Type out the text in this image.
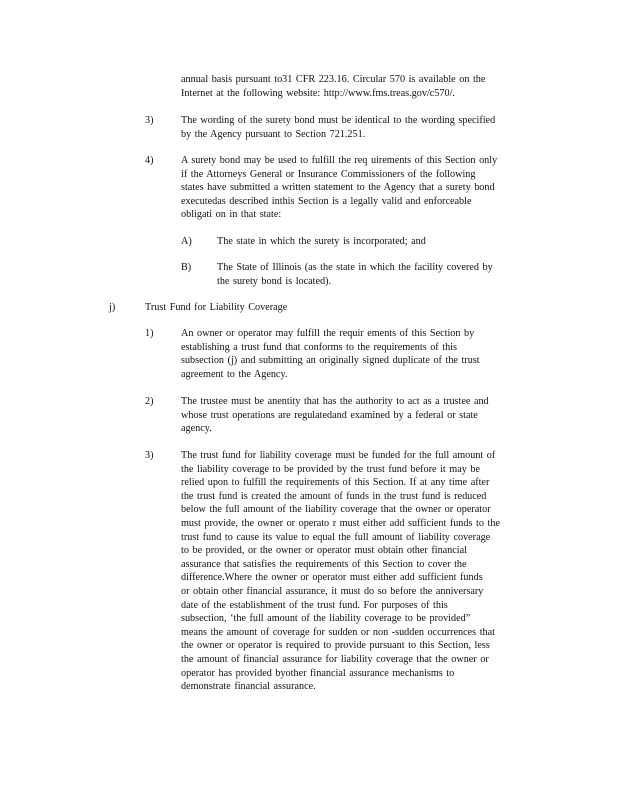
annual basis pursuant to31 CFR 223.16. Circular 570 is available on the
Internet at the following website: http://www.fms.treas.gov/c570/.
3)	The wording of the surety bond must be identical to the wording specified
by the Agency pursuant to Section 721.251.
4)	A surety bond may be used to fulfill the req uirements of this Section only
if the Attorneys General or Insurance Commissioners of the following
states have submitted a written statement to the Agency that a surety bond
executedas described inthis Section is a legally valid and enforceable
obligati on in that state:
A) The state in which the surety is incorporated; and
B)	The State of Illinois (as the state in which the facility covered by
the surety bond is located).
j)	Trust Fund for Liability Coverage
1)	An owner or operator may fulfill the requir ements of this Section by
establishing a trust fund that conforms to the requirements of this
subsection (j) and submitting an originally signed duplicate of the trust
agreement to the Agency.
2)	The trustee must be anentity that has the authority to act as a trustee and
whose trust operations are regulatedand examined by a federal or state
agency.
3)	The trust fund for liability coverage must be funded for the full amount of
the liability coverage to be provided by the trust fund before it may be
relied upon to fulfill the requirements of this Section. If at any time after
the trust fund is created the amount of funds in the trust fund is reduced
below the full amount of the liability coverage that the owner or operator
must provide, the owner or operato r must either add sufficient funds to the
trust fund to cause its value to equal the full amount of liability coverage
to be provided, or the owner or operator must obtain other financial
assurance that satisfies the requirements of this Section to cover the
difference.Where the owner or operator must either add sufficient funds
or obtain other financial assurance, it must do so before the anniversary
date of the establishment of the trust fund. For purposes of this
subsection, ‘the full amount of the liability coverage to be provided”
means the amount of coverage for sudden or non -sudden occurrences that
the owner or operator is required to provide pursuant to this Section, less
the amount of financial assurance for liability coverage that the owner or
operator has provided byother financial assurance mechanisms to
demonstrate financial assurance.
